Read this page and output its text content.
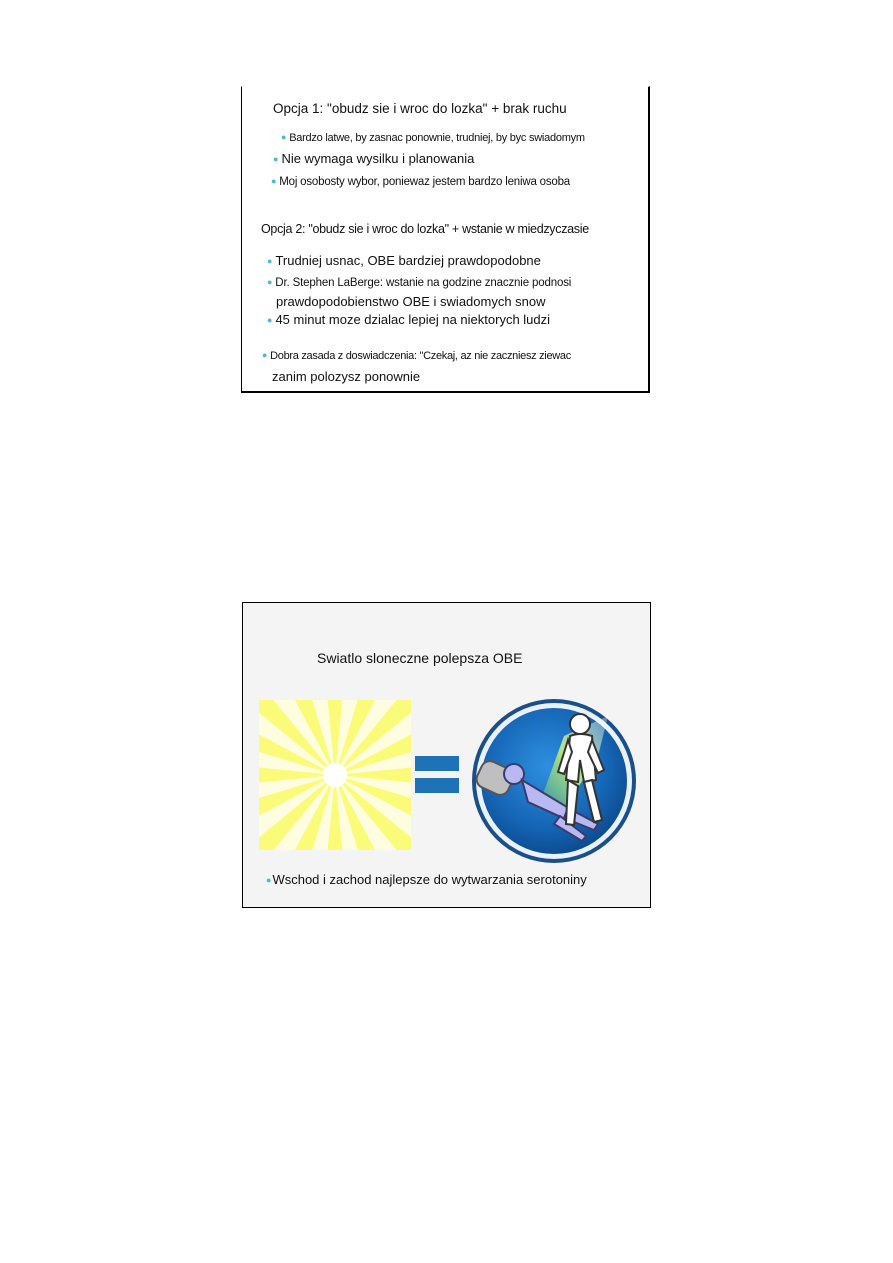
Opcja 1: "obudz sie i wroc do lozka" + brak ruchu
● Bardzo latwe, by zasnac ponownie, trudniej, by byc swiadomym
● Nie wymaga wysilku i planowania
● Moj osobosty wybor, poniewaz jestem bardzo leniwa osoba
Opcja 2: "obudz sie i wroc do lozka" + wstanie w miedzyczasie
● Trudniej usnac, OBE bardziej prawdopodobne
● Dr. Stephen LaBerge: wstanie na godzine znacznie podnosi
prawdopodobienstwo OBE i swiadomych snow
● 45 minut moze dzialac lepiej na niektorych ludzi
● Dobra zasada z doswiadczenia: "Czekaj, az nie zaczniesz ziewac
zanim polozysz ponownie
Swiatlo sloneczne polepsza OBE
●Wschod i zachod najlepsze do wytwarzania serotoniny
